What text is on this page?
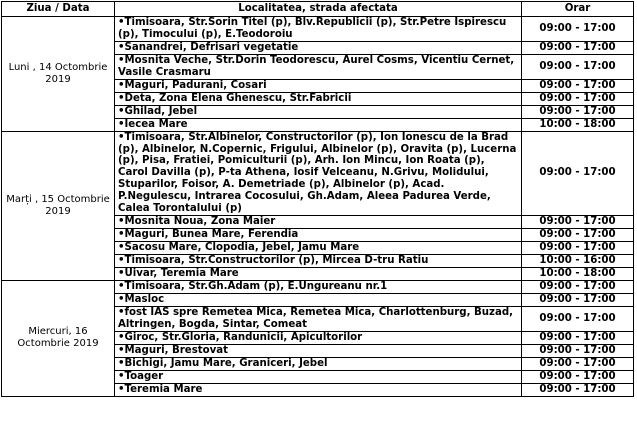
Ziua / Data	Localitatea, strada afectata	Orar
Luni , 14 Octombrie 2019	•Timisoara, Str.Sorin Titel (p), Blv.Republicii (p), Str.Petre Ispirescu (p), Timocului (p), E.Teodoroiu	09:00 - 17:00
	•Sanandrei, Defrisari vegetatie	09:00 - 17:00
	•Mosnita Veche, Str.Dorin Teodorescu, Aurel Cosms, Vicentiu Cernet, Vasile Crasmaru	09:00 - 17:00
	•Maguri, Padurani, Cosari	09:00 - 17:00
	•Deta, Zona Elena Ghenescu, Str.Fabricii	09:00 - 17:00
	•Ghilad, Jebel	09:00 - 17:00
	•Iecea Mare	10:00 - 18:00
Marți , 15 Octombrie 2019	•Timisoara, Str.Albinelor, Constructorilor (p), Ion Ionescu de la Brad (p), Albinelor, N.Copernic, Frigului, Albinelor (p), Oravita (p), Lucerna (p), Pisa, Fratiei, Pomiculturii (p), Arh. Ion Mincu, Ion Roata (p), Carol Davilla (p), P-ta Athena, Iosif Velceanu, N.Grivu, Molidului, Stuparilor, Foisor, A. Demetriade (p), Albinelor (p), Acad. P.Negulescu, Intrarea Cocosului, Gh.Adam, Aleea Padurea Verde, Calea Torontalului (p)	09:00 - 17:00
	•Mosnita Noua, Zona Maier	09:00 - 17:00
	•Maguri, Bunea Mare, Ferendia	09:00 - 17:00
	•Sacosu Mare, Clopodia, Jebel, Jamu Mare	09:00 - 17:00
	•Timisoara, Str.Constructorilor (p), Mircea D-tru Ratiu	10:00 - 16:00
	•Uivar, Teremia Mare	10:00 - 18:00
Miercuri, 16 Octombrie 2019	•Timisoara, Str.Gh.Adam (p), E.Ungureanu nr.1	09:00 - 17:00
	•Masloc	09:00 - 17:00
	•fost IAS spre Remetea Mica, Remetea Mica, Charlottenburg, Buzad, Altringen, Bogda, Sintar, Comeat	09:00 - 17:00
	•Giroc, Str.Gloria, Randunicii, Apicultorilor	09:00 - 17:00
	•Maguri, Brestovat	09:00 - 17:00
	•Bichigi, Jamu Mare, Graniceri, Jebel	09:00 - 17:00
	•Toager	09:00 - 17:00
	•Teremia Mare	09:00 - 17:00
